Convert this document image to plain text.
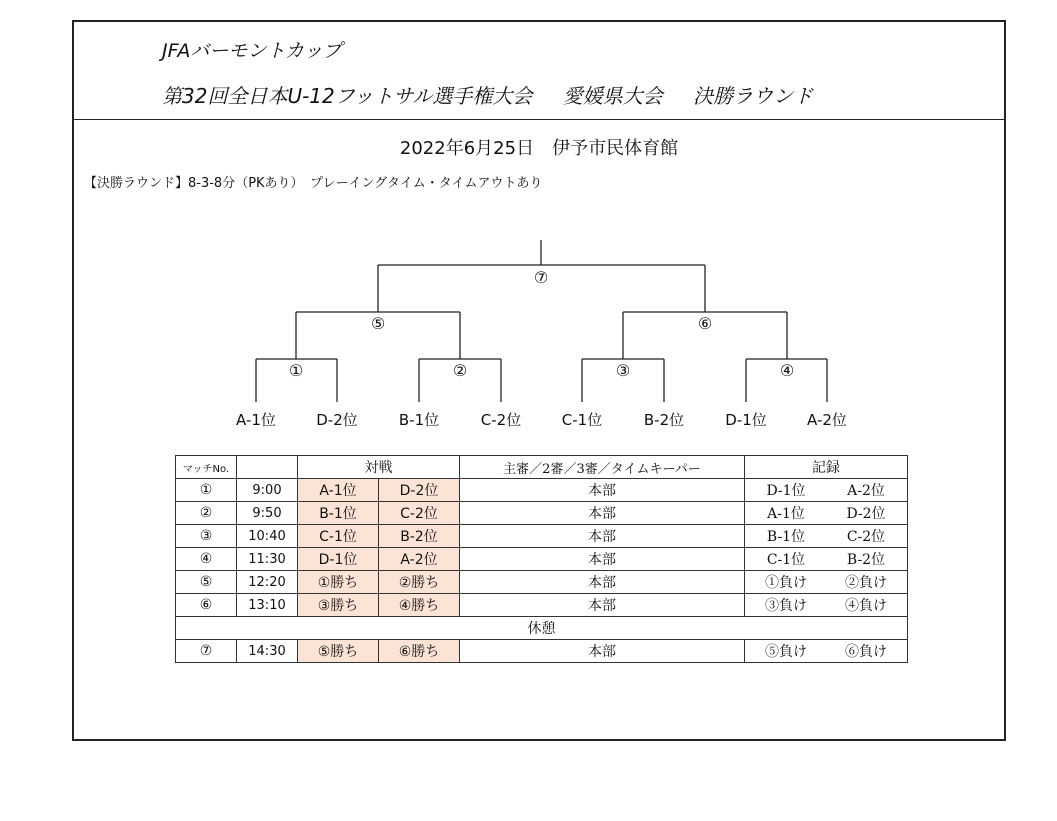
JFAバーモントカップ
第32回全日本U-12フットサル選手権大会 愛媛県大会 決勝ラウンド
2022年6月25日　伊予市民体育館
【決勝ラウンド】8-3-8分（PKあり）　プレーイングタイム・タイムアウトあり
⑦
⑤	⑥
①	②	③	④
A-1位	D-2位	B-1位	C-2位	C-1位	B-2位	D-1位	A-2位
マッチNo.		対戦		主審／2審／3審／タイムキーパー	記録
①	9:00	A-1位	D-2位	本部	D-1位 A-2位
②	9:50	B-1位	C-2位	本部	A-1位 D-2位
③	10:40	C-1位	B-2位	本部	B-1位 C-2位
④	11:30	D-1位	A-2位	本部	C-1位 B-2位
⑤	12:20	①勝ち	②勝ち	本部	①負け ②負け
⑥	13:10	③勝ち	④勝ち	本部	③負け ④負け
休憩					
⑦	14:30	⑤勝ち	⑥勝ち	本部	⑤負け ⑥負け
